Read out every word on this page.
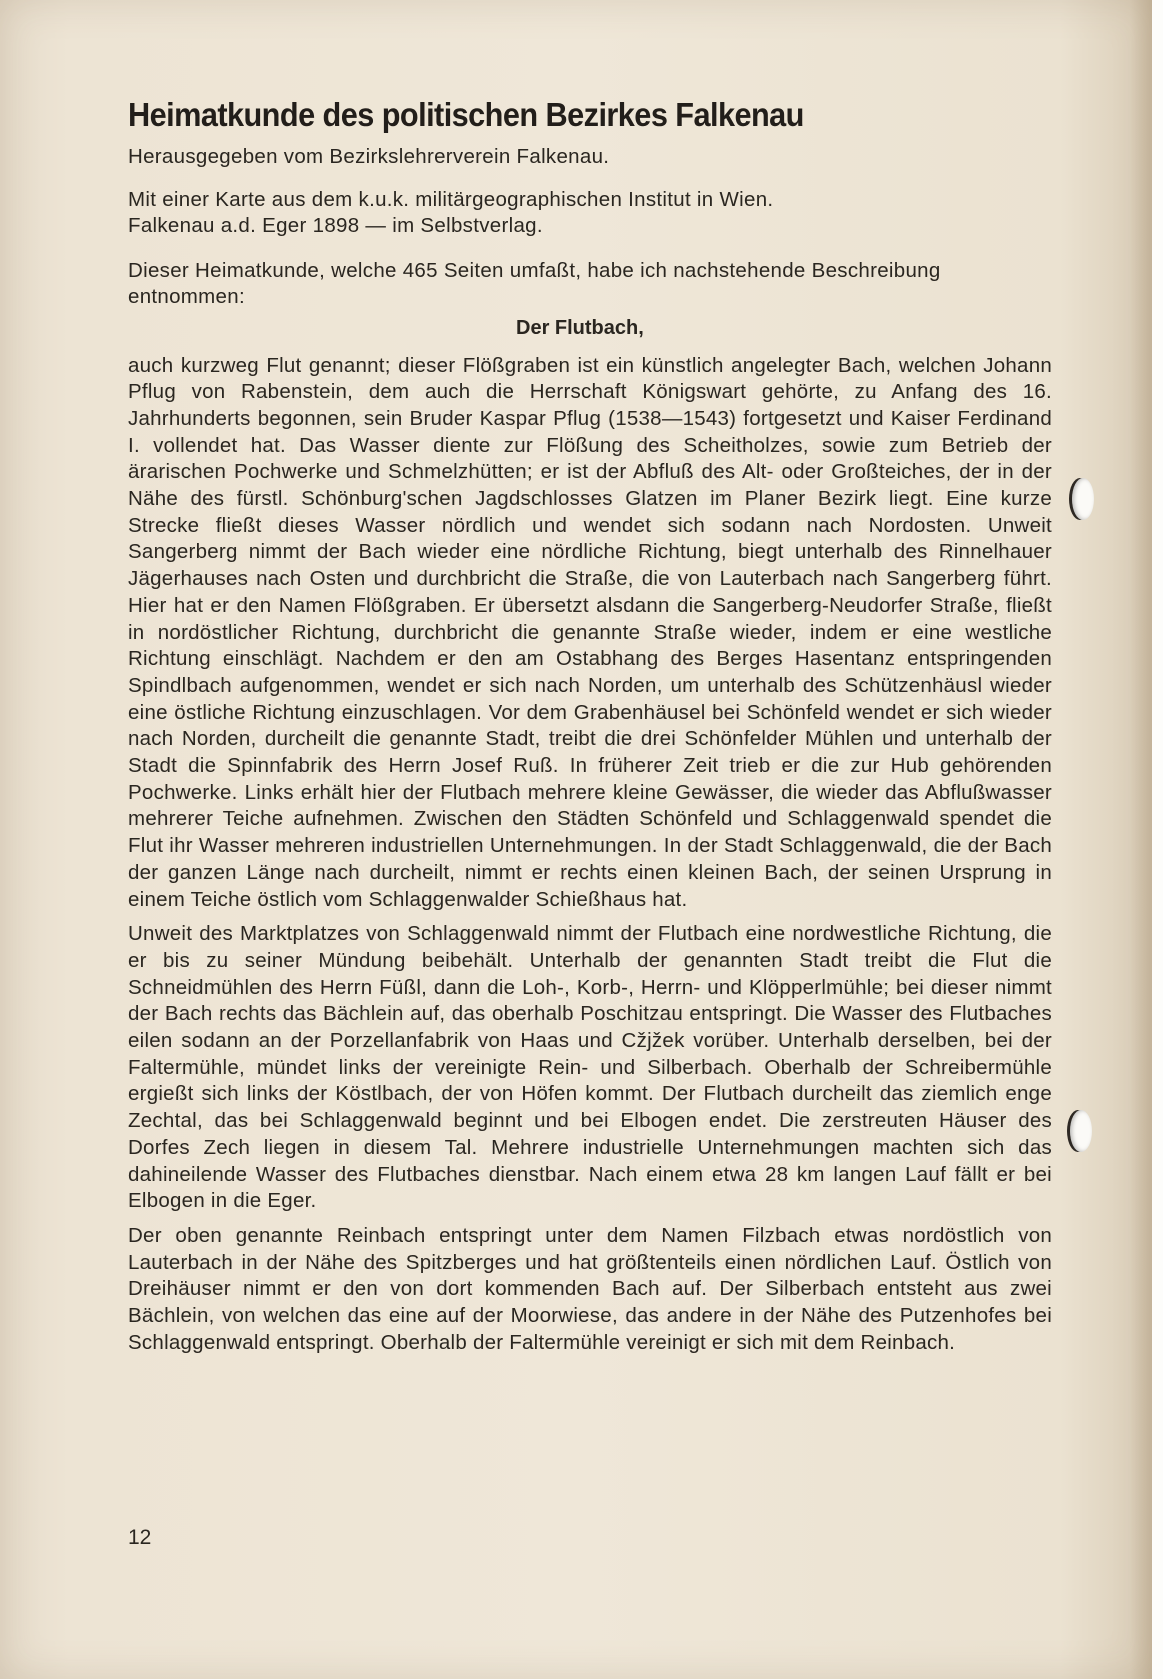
Heimatkunde des politischen Bezirkes Falkenau

Herausgegeben vom Bezirkslehrerverein Falkenau.

Mit einer Karte aus dem k.u.k. militärgeographischen Institut in Wien.

Falkenau a.d. Eger 1898 — im Selbstverlag.

Dieser Heimatkunde, welche 465 Seiten umfaßt, habe ich nachstehende Beschreibung entnommen:

Der Flutbach,

auch kurzweg Flut genannt; dieser Flößgraben ist ein künstlich angelegter Bach, welchen Johann Pflug von Rabenstein, dem auch die Herrschaft Königswart gehörte, zu Anfang des 16. Jahrhunderts begonnen, sein Bruder Kaspar Pflug (1538—1543) fortgesetzt und Kaiser Ferdinand I. vollendet hat. Das Wasser diente zur Flößung des Scheitholzes, sowie zum Betrieb der ärarischen Pochwerke und Schmelzhütten; er ist der Abfluß des Alt- oder Großteiches, der in der Nähe des fürstl. Schönburg'schen Jagdschlosses Glatzen im Planer Bezirk liegt. Eine kurze Strecke fließt dieses Wasser nördlich und wendet sich sodann nach Nordosten. Unweit Sangerberg nimmt der Bach wieder eine nördliche Richtung, biegt unterhalb des Rinnelhauer Jägerhauses nach Osten und durchbricht die Straße, die von Lauterbach nach Sangerberg führt. Hier hat er den Namen Flößgraben. Er übersetzt alsdann die Sangerberg-Neudorfer Straße, fließt in nordöstlicher Richtung, durchbricht die genannte Straße wieder, indem er eine westliche Richtung einschlägt. Nachdem er den am Ostabhang des Berges Hasentanz entspringenden Spindlbach aufgenommen, wendet er sich nach Norden, um unterhalb des Schützenhäusl wieder eine östliche Richtung einzuschlagen. Vor dem Grabenhäusel bei Schönfeld wendet er sich wieder nach Norden, durcheilt die genannte Stadt, treibt die drei Schönfelder Mühlen und unterhalb der Stadt die Spinnfabrik des Herrn Josef Ruß. In früherer Zeit trieb er die zur Hub gehörenden Pochwerke. Links erhält hier der Flutbach mehrere kleine Gewässer, die wieder das Abflußwasser mehrerer Teiche aufnehmen. Zwischen den Städten Schönfeld und Schlaggenwald spendet die Flut ihr Wasser mehreren industriellen Unternehmungen. In der Stadt Schlaggenwald, die der Bach der ganzen Länge nach durcheilt, nimmt er rechts einen kleinen Bach, der seinen Ursprung in einem Teiche östlich vom Schlaggenwalder Schießhaus hat.

Unweit des Marktplatzes von Schlaggenwald nimmt der Flutbach eine nordwestliche Richtung, die er bis zu seiner Mündung beibehält. Unterhalb der genannten Stadt treibt die Flut die Schneidmühlen des Herrn Füßl, dann die Loh-, Korb-, Herrn- und Klöpperlmühle; bei dieser nimmt der Bach rechts das Bächlein auf, das oberhalb Poschitzau entspringt. Die Wasser des Flutbaches eilen sodann an der Porzellanfabrik von Haas und Cžjžek vorüber. Unterhalb derselben, bei der Faltermühle, mündet links der vereinigte Rein- und Silberbach. Oberhalb der Schreibermühle ergießt sich links der Köstlbach, der von Höfen kommt. Der Flutbach durcheilt das ziemlich enge Zechtal, das bei Schlaggenwald beginnt und bei Elbogen endet. Die zerstreuten Häuser des Dorfes Zech liegen in diesem Tal. Mehrere industrielle Unternehmungen machten sich das dahineilende Wasser des Flutbaches dienstbar. Nach einem etwa 28 km langen Lauf fällt er bei Elbogen in die Eger.

Der oben genannte Reinbach entspringt unter dem Namen Filzbach etwas nordöstlich von Lauterbach in der Nähe des Spitzberges und hat größtenteils einen nördlichen Lauf. Östlich von Dreihäuser nimmt er den von dort kommenden Bach auf. Der Silberbach entsteht aus zwei Bächlein, von welchen das eine auf der Moorwiese, das andere in der Nähe des Putzenhofes bei Schlaggenwald entspringt. Oberhalb der Faltermühle vereinigt er sich mit dem Reinbach.

12
